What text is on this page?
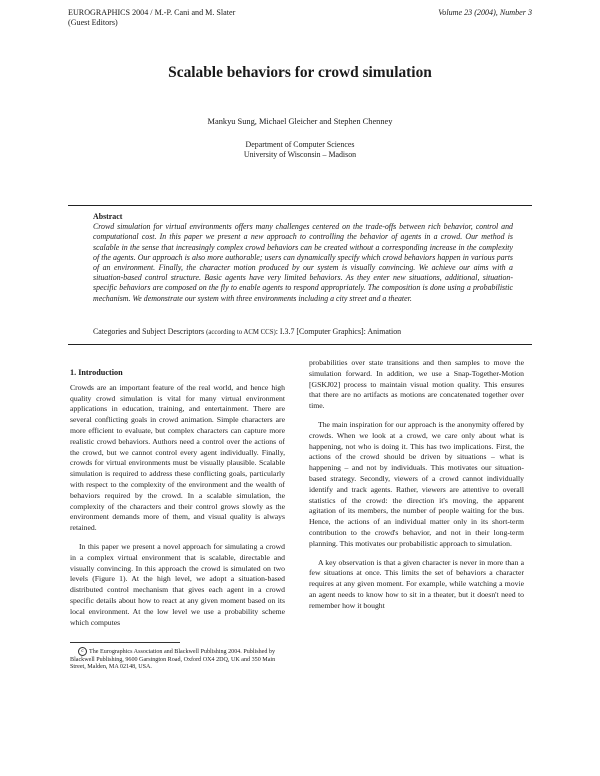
EUROGRAPHICS 2004 / M.-P. Cani and M. Slater
(Guest Editors)
Volume 23 (2004), Number 3
Scalable behaviors for crowd simulation
Mankyu Sung, Michael Gleicher and Stephen Chenney
Department of Computer Sciences
University of Wisconsin – Madison
Abstract
Crowd simulation for virtual environments offers many challenges centered on the trade-offs between rich behavior, control and computational cost. In this paper we present a new approach to controlling the behavior of agents in a crowd. Our method is scalable in the sense that increasingly complex crowd behaviors can be created without a corresponding increase in the complexity of the agents. Our approach is also more authorable; users can dynamically specify which crowd behaviors happen in various parts of an environment. Finally, the character motion produced by our system is visually convincing. We achieve our aims with a situation-based control structure. Basic agents have very limited behaviors. As they enter new situations, additional, situation-specific behaviors are composed on the fly to enable agents to respond appropriately. The composition is done using a probabilistic mechanism. We demonstrate our system with three environments including a city street and a theater.
Categories and Subject Descriptors (according to ACM CCS): I.3.7 [Computer Graphics]: Animation
1. Introduction

Crowds are an important feature of the real world, and hence high quality crowd simulation is vital for many virtual environment applications in education, training, and entertainment. There are several conflicting goals in crowd animation. Simple characters are more efficient to evaluate, but complex characters can capture more realistic crowd behaviors. Authors need a control over the actions of the crowd, but we cannot control every agent individually. Finally, crowds for virtual environments must be visually plausible. Scalable simulation is required to address these conflicting goals, particularly with respect to the complexity of the environment and the wealth of behaviors required by the crowd. In a scalable simulation, the complexity of the characters and their control grows slowly as the environment demands more of them, and visual quality is always retained.

In this paper we present a novel approach for simulating a crowd in a complex virtual environment that is scalable, directable and visually convincing. In this approach the crowd is simulated on two levels (Figure 1). At the high level, we adopt a situation-based distributed control mechanism that gives each agent in a crowd specific details about how to react at any given moment based on its local environment. At the low level we use a probability scheme which computes

probabilities over state transitions and then samples to move the simulation forward. In addition, we use a Snap-Together-Motion [GSKJ02] process to maintain visual motion quality. This ensures that there are no artifacts as motions are concatenated together over time.

The main inspiration for our approach is the anonymity offered by crowds. When we look at a crowd, we care only about what is happening, not who is doing it. This has two implications. First, the actions of the crowd should be driven by situations – what is happening – and not by individuals. This motivates our situation-based strategy. Secondly, viewers of a crowd cannot individually identify and track agents. Rather, viewers are attentive to overall statistics of the crowd: the direction it's moving, the apparent agitation of its members, the number of people waiting for the bus. Hence, the actions of an individual matter only in its short-term contribution to the crowd's behavior, and not in their long-term planning. This motivates our probabilistic approach to simulation.

A key observation is that a given character is never in more than a few situations at once. This limits the set of behaviors a character requires at any given moment. For example, while watching a movie an agent needs to know how to sit in a theater, but it doesn't need to remember how it bought

c The Eurographics Association and Blackwell Publishing 2004. Published by Blackwell Publishing, 9600 Garsington Road, Oxford OX4 2DQ, UK and 350 Main Street, Malden, MA 02148, USA.
